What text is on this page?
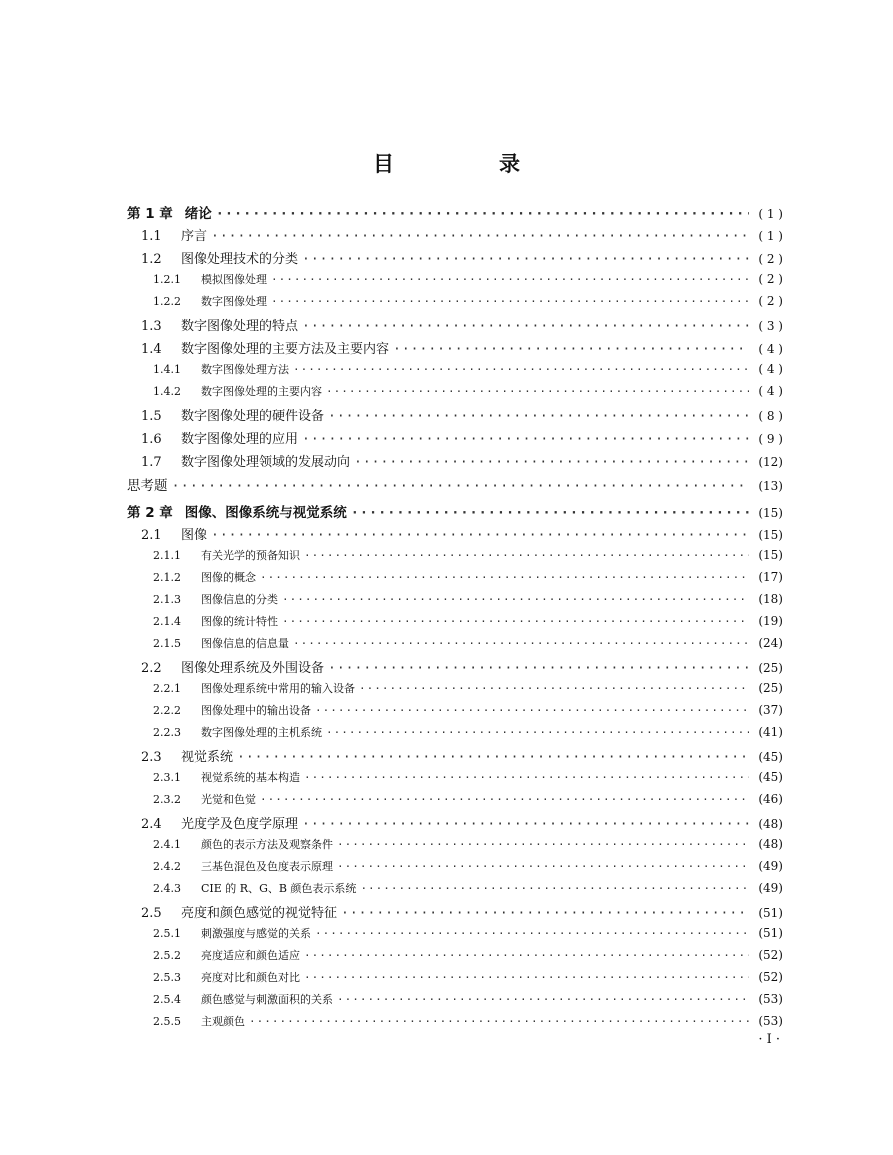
目　录
第 1 章 绪论 ·····	( 1 )
1.1 序言 ·····	( 1 )
1.2 图像处理技术的分类 ·····	( 2 )
1.2.1 模拟图像处理 ·····	( 2 )
1.2.2 数字图像处理 ·····	( 2 )
1.3 数字图像处理的特点 ·····	( 3 )
1.4 数字图像处理的主要方法及主要内容 ·····	( 4 )
1.4.1 数字图像处理方法 ·····	( 4 )
1.4.2 数字图像处理的主要内容 ·····	( 4 )
1.5 数字图像处理的硬件设备 ·····	( 8 )
1.6 数字图像处理的应用 ·····	( 9 )
1.7 数字图像处理领域的发展动向 ·····	(12)
思考题 ·····	(13)
第 2 章 图像、图像系统与视觉系统 ·····	(15)
2.1 图像 ·····	(15)
2.1.1 有关光学的预备知识 ·····	(15)
2.1.2 图像的概念 ·····	(17)
2.1.3 图像信息的分类 ·····	(18)
2.1.4 图像的统计特性 ·····	(19)
2.1.5 图像信息的信息量 ·····	(24)
2.2 图像处理系统及外围设备 ·····	(25)
2.2.1 图像处理系统中常用的输入设备 ·····	(25)
2.2.2 图像处理中的输出设备 ·····	(37)
2.2.3 数字图像处理的主机系统 ·····	(41)
2.3 视觉系统 ·····	(45)
2.3.1 视觉系统的基本构造 ·····	(45)
2.3.2 光觉和色觉 ·····	(46)
2.4 光度学及色度学原理 ·····	(48)
2.4.1 颜色的表示方法及观察条件 ·····	(48)
2.4.2 三基色混色及色度表示原理 ·····	(49)
2.4.3 CIE 的 R、G、B 颜色表示系统 ·····	(49)
2.5 亮度和颜色感觉的视觉特征 ·····	(51)
2.5.1 刺激强度与感觉的关系 ·····	(51)
2.5.2 亮度适应和颜色适应 ·····	(52)
2.5.3 亮度对比和颜色对比 ·····	(52)
2.5.4 颜色感觉与刺激面积的关系 ·····	(53)
2.5.5 主观颜色 ·····	(53)
· I ·
